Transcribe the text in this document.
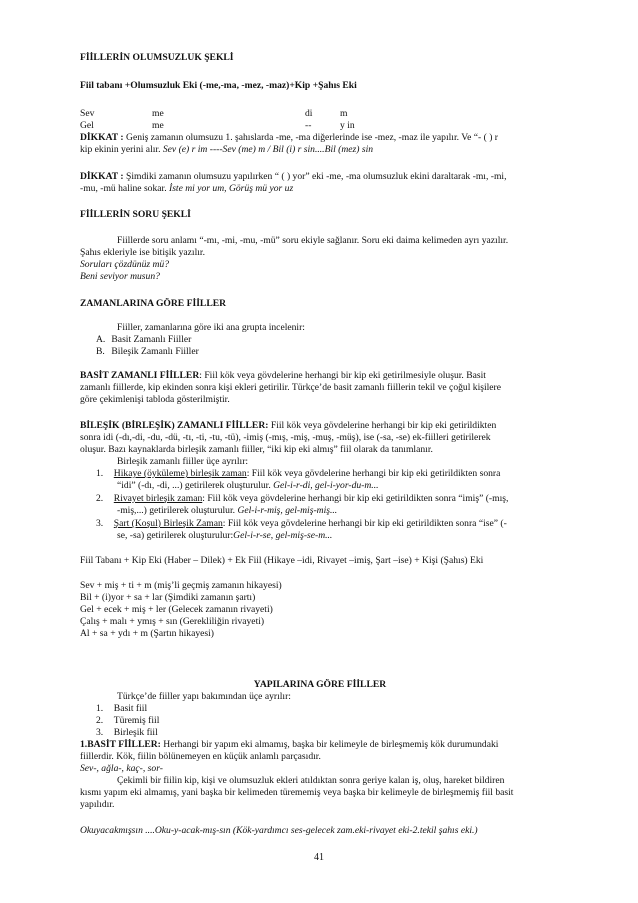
FİİLLERİN OLUMSUZLUK ŞEKLİ
Fiil tabanı +Olumsuzluk Eki (-me,-ma, -mez, -maz)+Kip +Şahıs Eki
Sev	me	di	m
Gel	me	--	y in
DİKKAT : Geniş zamanın olumsuzu 1. şahıslarda -me, -ma diğerlerinde ise -mez, -maz ile yapılır. Ve “- ( ) r
kip ekinin yerini alır. Sev (e) r im ----Sev (me) m / Bil (i) r sin....Bil (mez) sin
DİKKAT : Şimdiki zamanın olumsuzu yapılırken “ ( ) yor” eki -me, -ma olumsuzluk ekini daraltarak -mı, -mi,
-mu, -mü haline sokar. İste mi yor um, Görüş mü yor uz
FİİLLERİN SORU ŞEKLİ
Fiillerde soru anlamı “-mı, -mi, -mu, -mü” soru ekiyle sağlanır. Soru eki daima kelimeden ayrı yazılır.
Şahıs ekleriyle ise bitişik yazılır.
Soruları çözdünüz mü?
Beni seviyor musun?
ZAMANLARINA GÖRE FİİLLER
Fiiller, zamanlarına göre iki ana grupta incelenir:
A. Basit Zamanlı Fiiller
B. Bileşik Zamanlı Fiiller
BASİT ZAMANLI FİİLLER: Fiil kök veya gövdelerine herhangi bir kip eki getirilmesiyle oluşur. Basit
zamanlı fiillerde, kip ekinden sonra kişi ekleri getirilir. Türkçe’de basit zamanlı fiillerin tekil ve çoğul kişilere
göre çekimlenişi tabloda gösterilmiştir.
BİLEŞİK (BİRLEŞİK) ZAMANLI FİİLLER: Fiil kök veya gövdelerine herhangi bir kip eki getirildikten
sonra idi (-dı,-di, -du, -dü, -tı, -ti, -tu, -tü), -imiş (-mış, -miş, -muş, -müş), ise (-sa, -se) ek-fiilleri getirilerek
oluşur. Bazı kaynaklarda birleşik zamanlı fiiller, “iki kip eki almış” fiil olarak da tanımlanır.
Birleşik zamanlı fiiller üçe ayrılır:
1. Hikaye (öyküleme) birleşik zaman: Fiil kök veya gövdelerine herhangi bir kip eki getirildikten sonra
“idi” (-dı, -di, ...) getirilerek oluşturulur. Gel-i-r-di, gel-i-yor-du-m...
2. Rivayet birleşik zaman: Fiil kök veya gövdelerine herhangi bir kip eki getirildikten sonra “imiş” (-mış,
-miş,...) getirilerek oluşturulur. Gel-i-r-miş, gel-miş-miş...
3. Şart (Koşul) Birleşik Zaman: Fiil kök veya gövdelerine herhangi bir kip eki getirildikten sonra “ise” (-
se, -sa) getirilerek oluşturulur:Gel-i-r-se, gel-miş-se-m...
Fiil Tabanı + Kip Eki (Haber – Dilek) + Ek Fiil (Hikaye –idi, Rivayet –imiş, Şart –ise) + Kişi (Şahıs) Eki
Sev + miş + ti + m (miş’li geçmiş zamanın hikayesi)
Bil + (i)yor + sa + lar (Şimdiki zamanın şartı)
Gel + ecek + miş + ler (Gelecek zamanın rivayeti)
Çalış + malı + ymış + sın (Gerekliliğin rivayeti)
Al + sa + ydı + m (Şartın hikayesi)
YAPILARINA GÖRE FİİLLER
Türkçe’de fiiller yapı bakımından üçe ayrılır:
1. Basit fiil
2. Türemiş fiil
3. Birleşik fiil
1.BASİT FİİLLER: Herhangi bir yapım eki almamış, başka bir kelimeyle de birleşmemiş kök durumundaki
fiillerdir. Kök, fiilin bölünemeyen en küçük anlamlı parçasıdır.
Sev-, ağla-, kaç-, sor-
Çekimli bir fiilin kip, kişi ve olumsuzluk ekleri atıldıktan sonra geriye kalan iş, oluş, hareket bildiren
kısmı yapım eki almamış, yani başka bir kelimeden türememiş veya başka bir kelimeyle de birleşmemiş fiil basit
yapılıdır.
Okuyacakmışsın ....Oku-y-acak-mış-sın (Kök-yardımcı ses-gelecek zam.eki-rivayet eki-2.tekil şahıs eki.)
41
